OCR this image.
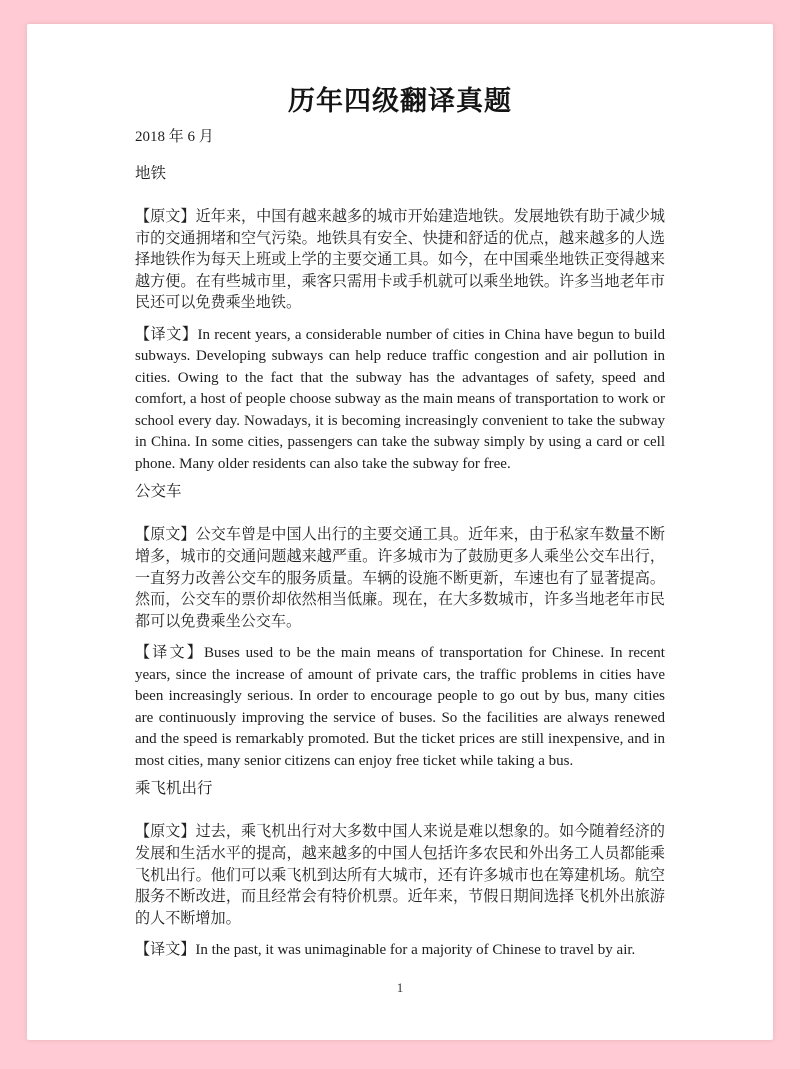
历年四级翻译真题
2018 年 6 月
地铁

【原文】近年来，中国有越来越多的城市开始建造地铁。发展地铁有助于减少城市的交通拥堵和空气污染。地铁具有安全、快捷和舒适的优点，越来越多的人选择地铁作为每天上班或上学的主要交通工具。如今，在中国乘坐地铁正变得越来越方便。在有些城市里，乘客只需用卡或手机就可以乘坐地铁。许多当地老年市民还可以免费乘坐地铁。

【译文】In recent years, a considerable number of cities in China have begun to build subways. Developing subways can help reduce traffic congestion and air pollution in cities. Owing to the fact that the subway has the advantages of safety, speed and comfort, a host of people choose subway as the main means of transportation to work or school every day. Nowadays, it is becoming increasingly convenient to take the subway in China. In some cities, passengers can take the subway simply by using a card or cell phone. Many older residents can also take the subway for free.

公交车

【原文】公交车曾是中国人出行的主要交通工具。近年来，由于私家车数量不断增多，城市的交通问题越来越严重。许多城市为了鼓励更多人乘坐公交车出行，一直努力改善公交车的服务质量。车辆的设施不断更新，车速也有了显著提高。然而，公交车的票价却依然相当低廉。现在，在大多数城市，许多当地老年市民都可以免费乘坐公交车。

【译文】Buses used to be the main means of transportation for Chinese. In recent years, since the increase of amount of private cars, the traffic problems in cities have been increasingly serious. In order to encourage people to go out by bus, many cities are continuously improving the service of buses. So the facilities are always renewed and the speed is remarkably promoted. But the ticket prices are still inexpensive, and in most cities, many senior citizens can enjoy free ticket while taking a bus.

乘飞机出行

【原文】过去，乘飞机出行对大多数中国人来说是难以想象的。如今随着经济的发展和生活水平的提高，越来越多的中国人包括许多农民和外出务工人员都能乘飞机出行。他们可以乘飞机到达所有大城市，还有许多城市也在筹建机场。航空服务不断改进，而且经常会有特价机票。近年来，节假日期间选择飞机外出旅游的人不断增加。

【译文】In the past, it was unimaginable for a majority of Chinese to travel by air.

1
